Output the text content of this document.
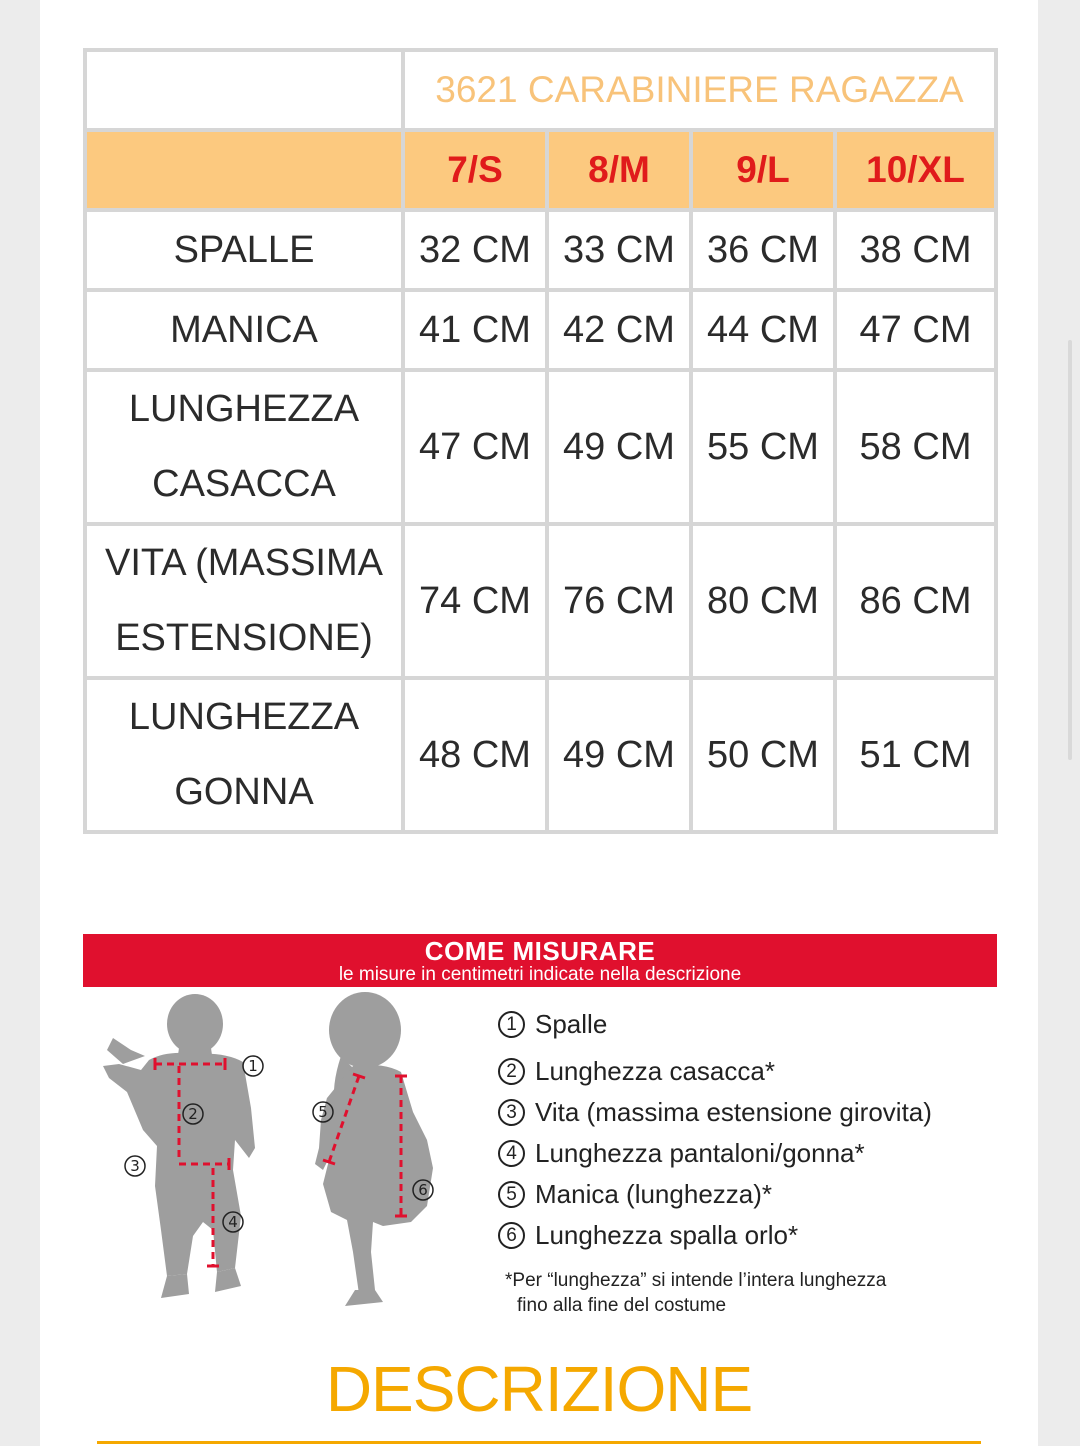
	3621 CARABINIERE RAGAZZA			
	7/S	8/M	9/L	10/XL
SPALLE	32 CM	33 CM	36 CM	38 CM
MANICA	41 CM	42 CM	44 CM	47 CM
LUNGHEZZA
CASACCA	47 CM	49 CM	55 CM	58 CM
VITA (MASSIMA
ESTENSIONE)	74 CM	76 CM	80 CM	86 CM
LUNGHEZZA
GONNA	48 CM	49 CM	50 CM	51 CM
COME MISURARE
le misure in centimetri indicate nella descrizione
1
2
3
4
5
6
1 Spalle
2 Lunghezza casacca*
3 Vita (massima estensione girovita)
4 Lunghezza pantaloni/gonna*
5 Manica (lunghezza)*
6 Lunghezza spalla orlo*
*Per “lunghezza” si intende l’intera lunghezza
fino alla fine del costume
DESCRIZIONE
